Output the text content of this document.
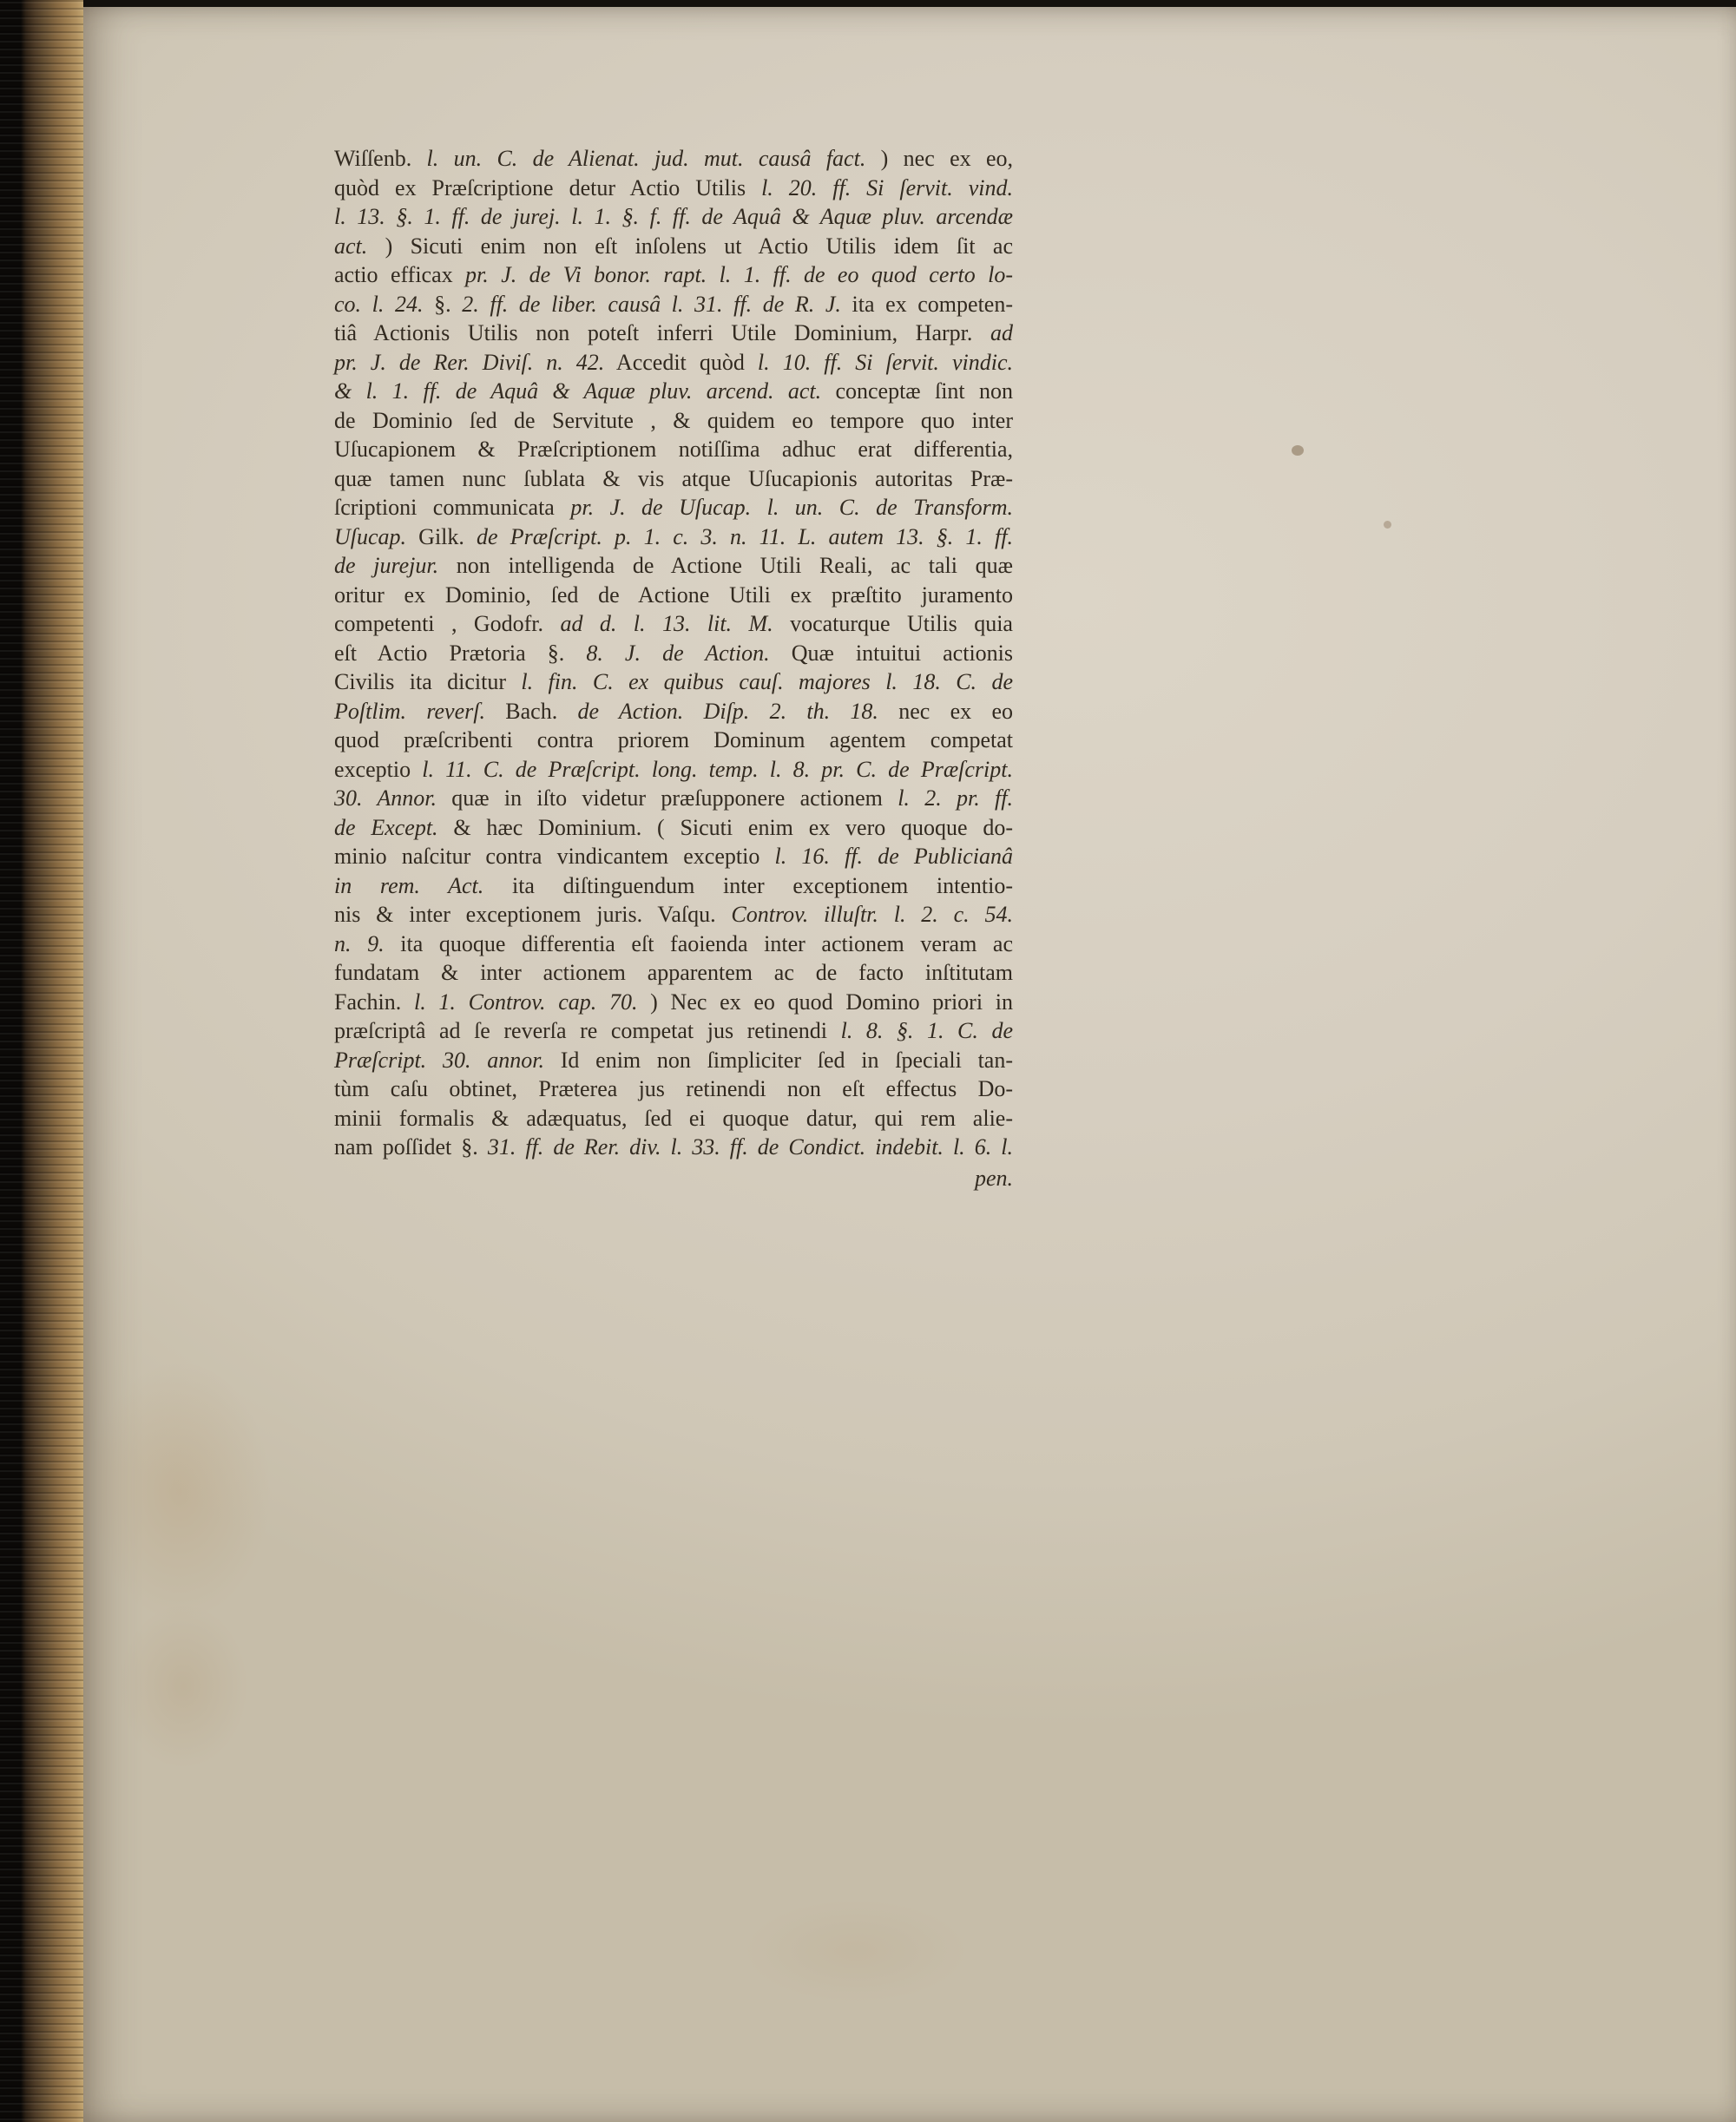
Wiſſenb. l. un. C. de Alienat. jud. mut. causâ fact. ) nec ex eo,
quòd ex Præſcriptione detur Actio Utilis l. 20. ff. Si ſervit. vind.
l. 13. §. 1. ff. de jurej. l. 1. §. f. ff. de Aquâ & Aquæ pluv. arcendæ
act. ) Sicuti enim non eſt inſolens ut Actio Utilis idem ſit ac
actio efficax pr. J. de Vi bonor. rapt. l. 1. ff. de eo quod certo lo-
co. l. 24. §. 2. ff. de liber. causâ l. 31. ff. de R. J. ita ex competen-
tiâ Actionis Utilis non poteſt inferri Utile Dominium, Harpr. ad
pr. J. de Rer. Diviſ. n. 42. Accedit quòd l. 10. ff. Si ſervit. vindic.
& l. 1. ff. de Aquâ & Aquæ pluv. arcend. act. conceptæ ſint non
de Dominio ſed de Servitute , & quidem eo tempore quo inter
Uſucapionem & Præſcriptionem notiſſima adhuc erat differentia,
quæ tamen nunc ſublata & vis atque Uſucapionis autoritas Præ-
ſcriptioni communicata pr. J. de Uſucap. l. un. C. de Transform.
Uſucap. Gilk. de Præſcript. p. 1. c. 3. n. 11. L. autem 13. §. 1. ff.
de jurejur. non intelligenda de Actione Utili Reali, ac tali quæ
oritur ex Dominio, ſed de Actione Utili ex præſtito juramento
competenti , Godofr. ad d. l. 13. lit. M. vocaturque Utilis quia
eſt Actio Prætoria §. 8. J. de Action. Quæ intuitui actionis
Civilis ita dicitur l. fin. C. ex quibus cauſ. majores l. 18. C. de
Poſtlim. reverſ. Bach. de Action. Diſp. 2. th. 18. nec ex eo
quod præſcribenti contra priorem Dominum agentem competat
exceptio l. 11. C. de Præſcript. long. temp. l. 8. pr. C. de Præſcript.
30. Annor. quæ in iſto videtur præſupponere actionem l. 2. pr. ff.
de Except. & hæc Dominium. ( Sicuti enim ex vero quoque do-
minio naſcitur contra vindicantem exceptio l. 16. ff. de Publicianâ
in rem. Act. ita diſtinguendum inter exceptionem intentio-
nis & inter exceptionem juris. Vaſqu. Controv. illuſtr. l. 2. c. 54.
n. 9. ita quoque differentia eſt faoienda inter actionem veram ac
fundatam & inter actionem apparentem ac de facto inſtitutam
Fachin. l. 1. Controv. cap. 70. ) Nec ex eo quod Domino priori in
præſcriptâ ad ſe reverſa re competat jus retinendi l. 8. §. 1. C. de
Præſcript. 30. annor. Id enim non ſimpliciter ſed in ſpeciali tan-
tùm caſu obtinet, Præterea jus retinendi non eſt effectus Do-
minii formalis & adæquatus, ſed ei quoque datur, qui rem alie-
nam poſſidet §. 31. ff. de Rer. div. l. 33. ff. de Condict. indebit. l. 6. l.
pen.
